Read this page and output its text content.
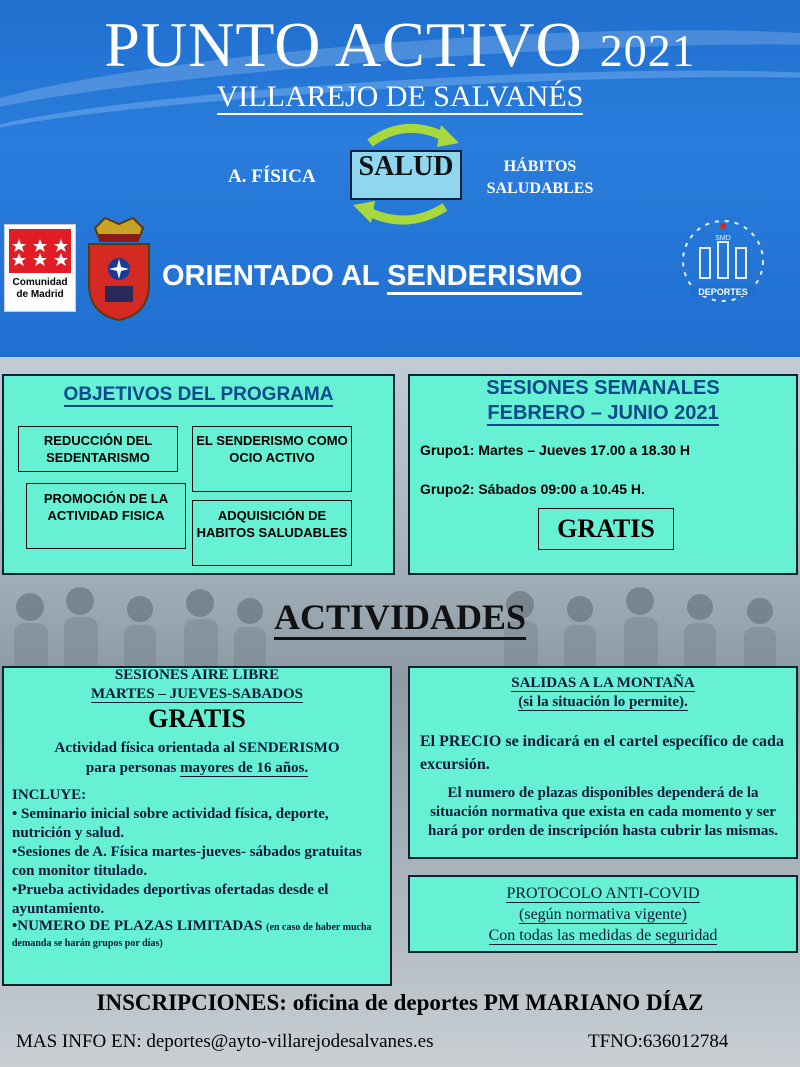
PUNTO ACTIVO 2021
VILLAREJO DE SALVANÉS
A. FÍSICA	SALUD	HÁBITOS
SALUDABLES
Comunidad
de Madrid
ORIENTADO AL SENDERISMO
SMD
DEPORTES
OBJETIVOS DEL PROGRAMA
REDUCCIÓN DEL SEDENTARISMO
EL SENDERISMO COMO OCIO ACTIVO
PROMOCIÓN DE LA ACTIVIDAD FISICA	ADQUISICIÓN DE HABITOS SALUDABLES
SESIONES SEMANALES
FEBRERO – JUNIO 2021
Grupo1: Martes – Jueves 17.00 a 18.30 H
Grupo2: Sábados 09:00 a 10.45 H.
GRATIS
ACTIVIDADES
SESIONES AIRE LIBRE
MARTES – JUEVES-SABADOS
GRATIS
Actividad física orientada al SENDERISMO
para personas mayores de 16 años.
INCLUYE:
• Seminario inicial sobre actividad física, deporte, nutrición y salud.
•Sesiones de A. Física martes-jueves- sábados gratuitas con monitor titulado.
•Prueba actividades deportivas ofertadas desde el ayuntamiento.
•NUMERO DE PLAZAS LIMITADAS (en caso de haber mucha demanda se harán grupos por días)
SALIDAS A LA MONTAÑA
(si la situación lo permite).
El PRECIO se indicará en el cartel específico de cada excursión.
El numero de plazas disponibles dependerá de la situación normativa que exista en cada momento y ser hará por orden de inscripción hasta cubrir las mismas.
PROTOCOLO ANTI-COVID
(según normativa vigente)
Con todas las medidas de seguridad
INSCRIPCIONES: oficina de deportes PM MARIANO DÍAZ
MAS INFO EN: deportes@ayto-villarejodesalvanes.es	TFNO:636012784
